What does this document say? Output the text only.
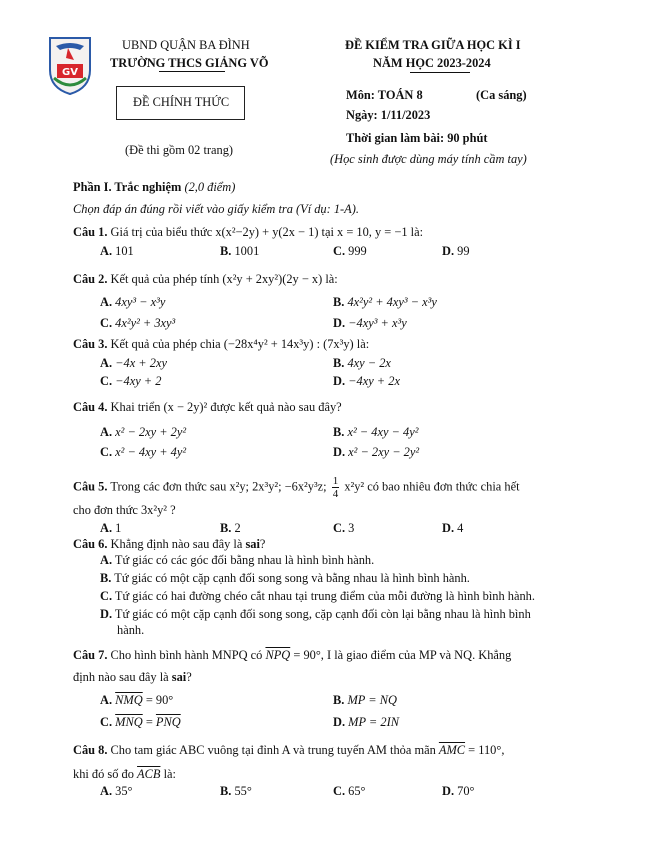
GV
UBND QUẬN BA ĐÌNH
TRƯỜNG THCS GIẢNG VÕ
ĐỀ CHÍNH THỨC
(Đề thi gồm 02 trang)
ĐỀ KIỂM TRA GIỮA HỌC KÌ I
NĂM HỌC 2023-2024
Môn: TOÁN 8	(Ca sáng)
Ngày: 1/11/2023
Thời gian làm bài: 90 phút
(Học sinh được dùng máy tính cầm tay)
Phần I. Trắc nghiệm (2,0 điểm)
Chọn đáp án đúng rồi viết vào giấy kiểm tra (Ví dụ: 1-A).
Câu 1. Giá trị của biểu thức x(x²−2y) + y(2x − 1) tại x = 10, y = −1 là:
A. 101	B. 1001	C. 999	D. 99
Câu 2. Kết quả của phép tính (x²y + 2xy²)(2y − x) là:
A. 4xy³ − x³y	B. 4x²y² + 4xy³ − x³y
C. 4x²y² + 3xy³	D. −4xy³ + x³y
Câu 3. Kết quả của phép chia (−28x⁴y² + 14x³y) : (7x³y) là:
A. −4x + 2xy	B. 4xy − 2x
C. −4xy + 2	D. −4xy + 2x
Câu 4. Khai triển (x − 2y)² được kết quả nào sau đây?
A. x² − 2xy + 2y²	B. x² − 4xy − 4y²
C. x² − 4xy + 4y²	D. x² − 2xy − 2y²
Câu 5. Trong các đơn thức sau x²y; 2x³y²; −6x²y³z; $\frac{1}{4} x^2y^2$ có bao nhiêu đơn thức chia hết
cho đơn thức 3x²y² ?
A. 1	B. 2	C. 3	D. 4
Câu 6. Khẳng định nào sau đây là sai?
A. Tứ giác có các góc đối bằng nhau là hình bình hành.
B. Tứ giác có một cặp cạnh đối song song và bằng nhau là hình bình hành.
C. Tứ giác có hai đường chéo cắt nhau tại trung điểm của mỗi đường là hình bình hành.
D. Tứ giác có một cặp cạnh đối song song, cặp cạnh đối còn lại bằng nhau là hình bình
hành.
Câu 7. Cho hình bình hành MNPQ có $\overline{NPQ} = 90^\circ$, I là giao điểm của MP và NQ. Khẳng
định nào sau đây là sai?
A. $\overline{NMQ} = 90^\circ$	B. MP = NQ
C. $\overline{MNQ} = \overline{PNQ}$	D. MP = 2IN
Câu 8. Cho tam giác ABC vuông tại đỉnh A và trung tuyến AM thỏa mãn $\overline{AMC} = 110^\circ$,
khi đó số đo $\overline{ACB}$ là:
A. 35°	B. 55°	C. 65°	D. 70°
